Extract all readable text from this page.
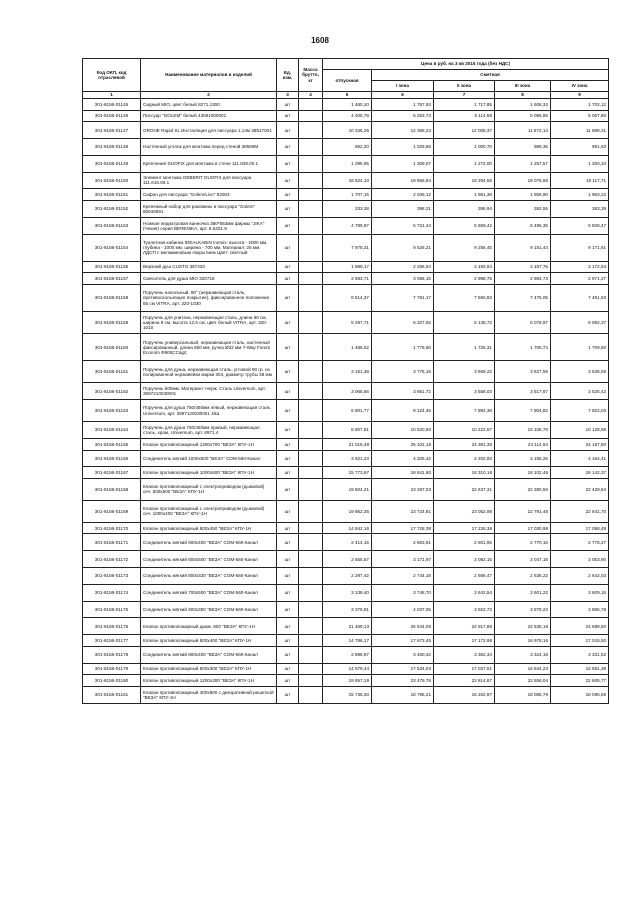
1608
Код ОКП, код отраслевой	Наименование материалов и изделий	Ед. изм.	Масса брутто, кг	Цена в руб. на 3 кв 2015 года (без НДС)				
				отпускная	Сметная			
					I зона	II зона	III зона	IV зона
1	2	3	4	5	6	7	8	9
301-8156-01145	Сидный MIO, цвет белый 8271.1300	шт		1 480,10	1 767,93	1 717,85	1 608,33	1 702,12
301-8156-01146	Писсуар "GOLEM" белый 43061000001	шт		4 406,78	5 263,73	5 114,68	5 056,85	5 067,80
301-8156-01147	GROHE Rapid SL Инсталяция для писсуара 1,13м 38517001	шт		10 346,36	12 358,33	12 008,37	11 872,14	11 898,31
301-8156-01148	Настенный уголок для монтажа перед стеной 38558М	шт		862,20	1 029,86	1 000,70	989,35	991,53
301-8156-01149	Крепление DUOFIX для монтажа в стене 111.839.00.1	шт		1 095,95	1 309,07	1 272,00	1 257,57	1 260,34
301-8156-01150	Элемент монтажа GEBERIT DUOFIX для писсуара 111.616.00.1	шт		16 524,10	19 656,84	19 294,55	19 075,66	19 117,71
301-8156-01151	Сифон для писсуара "Golem/Livo" 92003	шт		1 707,15	2 039,12	1 981,38	1 958,90	1 963,22
301-8156-01152	Крепежный набор для раковины и писсуара "Golem" 80046691	шт		333,38	398,21	386,94	382,55	383,39
301-8156-01153	Ножная педиатровая ванночка 380*563мм фирмы "JIKA" (Чехия) серия BERENIKA, арт. 8.5401.9	шт		4 789,97	5 721,44	5 559,42	5 496,35	5 508,47
301-8156-01154	Туалетная кабинка IDEALKABIN Inomix: высота - 2000 мм, глубина - 1000 мм, ширина - 700 мм. Материал: 25 мм. ЛДСП с меламиновым покрытием Цвет: светлый	шт		7 975,31	9 526,21	9 256,45	9 151,44	9 171,61
301-8156-01155	Верхний душ CUSTO 387420	шт		1 889,17	2 256,54	2 192,64	2 167,76	2 172,54
301-8156-01157	Смеситель для душа MIO 320718	шт		2 583,71	3 086,15	2 998,75	2 964,73	2 971,27
301-8156-01158	Поручень напольный, 90° (нержавеющая сталь, противоскользящее покрытие), фиксированное положение 55 см VITRA, арт. 320-1030	шт		6 514,37	7 781,17	7 560,83	7 475,05	7 491,53
301-8156-01159	Поручень для унитаза, нержавеющая сталь, длина 60 см, ширина 9 см, высота 12,5 см, цвет белый VITRA, арт. 320-1010	шт		5 297,71	6 327,92	6 148,72	6 078,97	6 092,37
301-8156-01160	Поручень универсальный, нержавеющая сталь, настенный фиксированный, длина 600 мм, ручка Ø32 мм T-Way Forum Econom Ф800СС&gt;	шт		1 486,52	1 775,60	1 725,31	1 705,74	1 709,50
301-8156-01161	Поручень для душа, нержавеющая сталь, угловой 90 гр. из полированной нержавейки марки 304, диаметр трубы 38 мм	шт		3 161,38	3 776,15	3 669,22	3 627,59	3 635,59
301-8156-01162	Поручень 600мм. Материал: Нерж. Сталь Universum, арт. 3897210030001	шт		3 065,56	3 661,72	3 558,03	3 517,67	3 525,42
301-8156-01163	Поручень для душа 750/450мм левый, нержавеющая сталь Universum, арт. 3897120030001 Jika	шт		6 801,77	8 124,45	7 894,38	7 804,82	7 822,03
301-8156-01164	Поручень для душа 750/450мм правый, нержавеющая сталь, хром, Universum, арт. 8971.4	шт		8 807,81	10 520,50	10 222,57	10 106,70	10 128,98
301-8156-01165	Клапан противопожарный 1300х700 "ВЕЗА" КПУ-1Н	шт		21 015,48	25 102,18	24 391,35	24 114,64	24 167,80
301-8156-01166	Соединитель мягкий 1000х500 "ВЕЗА" СОМ-560-Канал	шт		3 621,23	4 325,42	4 202,93	4 155,25	4 164,41
301-8156-01167	Клапан противопожарный 1000х500 "ВЕЗА" КПУ-1Н	шт		15 773,97	18 841,80	18 310,18	18 102,46	18 142,37
301-8156-01168	Клапан противопожарный с электроприводом (дымовой) сеч. 600х500 "ВЕЗА" КПУ-1Н	шт		19 504,21	23 297,03	22 637,31	22 380,50	22 429,84
301-8156-01169	Клапан противопожарный с электроприводом (дымовой) сеч. 1000х400 "ВЕЗА" КПУ-1Н	шт		19 862,35	23 724,81	23 052,98	22 791,46	22 841,70
301-8156-01170	Клапан противопожарный 800х450 "ВЕЗА" КПУ-1Н	шт		14 842,16	17 728,39	17 226,38	17 030,98	17 068,49
301-8156-01171	Соединитель мягкий 600х400 "ВЕЗА" СОМ-560-Канал	шт		2 414,15	2 883,61	2 801,95	2 770,16	2 776,27
301-8156-01172	Соединитель мягкий 600х500 "ВЕЗА" СОМ-560-Канал	шт		2 655,57	3 171,97	3 082,15	3 047,18	3 053,90
301-8156-01173	Соединитель мягкий 800х320 "ВЕЗА" СОМ-560-Канал	шт		2 297,42	2 744,18	2 666,47	2 636,22	2 642,03
301-8156-01174	Соединитель мягкий 700х500 "ВЕЗА" СОМ-560-Канал	шт		3 138,40	3 748,70	3 642,54	3 601,22	3 609,16
301-8156-01175	Соединитель мягкий 600х300 "ВЕЗА" СОМ-560-Канал	шт		3 379,81	4 037,05	3 922,73	3 878,23	3 886,78
301-8156-01176	Клапан противопожарный диам. 800 "ВЕЗА" КПУ-1Н	шт		21 469,13	25 644,05	24 917,88	24 635,19	24 689,50
301-8156-01177	Клапан противопожарный 800х400 "ВЕЗА" КПУ-1Н	шт		14 786,17	17 673,45	17 172,98	16 978,16	17 015,50
301-8156-01178	Соединитель мягкий 800х400 "ВЕЗА" СОМ-560-Канал	шт		2 896,97	3 460,32	3 362,34	3 324,19	3 331,52
301-8156-01179	Клапан противопожарный 600х300 "ВЕЗА" КПУ-1Н	шт		14 579,44	17 534,03	17 037,51	16 844,23	16 881,38
301-8156-01180	Клапан противопожарный 1200х300 "ВЕЗА" КПУ-1Н	шт		19 657,19	23 479,76	22 814,87	22 556,04	22 605,77
301-8156-01181	Клапан противопожарный 400х600 с декоративной решеткой "ВЕЗА" КПУ-1Н	шт		15 735,30	18 795,21	18 262,97	18 055,79	18 095,59
